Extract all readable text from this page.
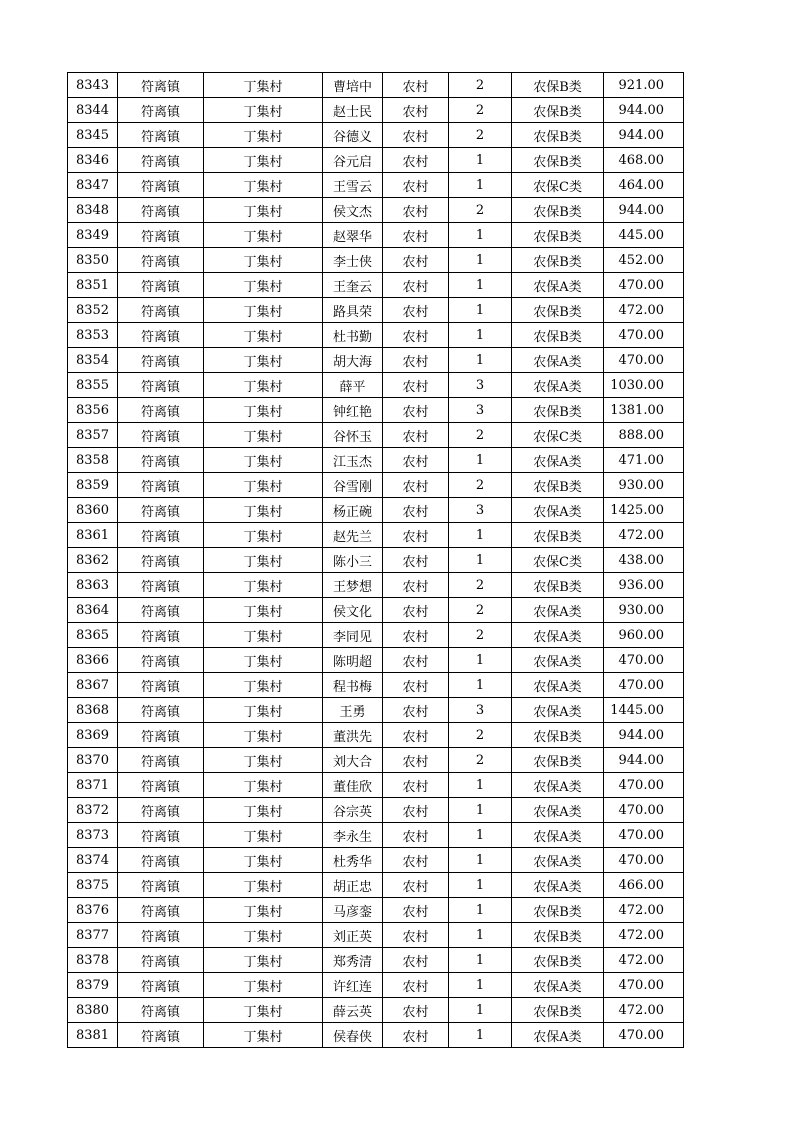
8343	符离镇	丁集村	曹培中	农村	2	农保B类	921.00
8344	符离镇	丁集村	赵士民	农村	2	农保B类	944.00
8345	符离镇	丁集村	谷德义	农村	2	农保B类	944.00
8346	符离镇	丁集村	谷元启	农村	1	农保B类	468.00
8347	符离镇	丁集村	王雪云	农村	1	农保C类	464.00
8348	符离镇	丁集村	侯文杰	农村	2	农保B类	944.00
8349	符离镇	丁集村	赵翠华	农村	1	农保B类	445.00
8350	符离镇	丁集村	李士侠	农村	1	农保B类	452.00
8351	符离镇	丁集村	王奎云	农村	1	农保A类	470.00
8352	符离镇	丁集村	路具荣	农村	1	农保B类	472.00
8353	符离镇	丁集村	杜书勤	农村	1	农保B类	470.00
8354	符离镇	丁集村	胡大海	农村	1	农保A类	470.00
8355	符离镇	丁集村	薛平	农村	3	农保A类	1030.00
8356	符离镇	丁集村	钟红艳	农村	3	农保B类	1381.00
8357	符离镇	丁集村	谷怀玉	农村	2	农保C类	888.00
8358	符离镇	丁集村	江玉杰	农村	1	农保A类	471.00
8359	符离镇	丁集村	谷雪刚	农村	2	农保B类	930.00
8360	符离镇	丁集村	杨正碗	农村	3	农保A类	1425.00
8361	符离镇	丁集村	赵先兰	农村	1	农保B类	472.00
8362	符离镇	丁集村	陈小三	农村	1	农保C类	438.00
8363	符离镇	丁集村	王梦想	农村	2	农保B类	936.00
8364	符离镇	丁集村	侯文化	农村	2	农保A类	930.00
8365	符离镇	丁集村	李同见	农村	2	农保A类	960.00
8366	符离镇	丁集村	陈明超	农村	1	农保A类	470.00
8367	符离镇	丁集村	程书梅	农村	1	农保A类	470.00
8368	符离镇	丁集村	王勇	农村	3	农保A类	1445.00
8369	符离镇	丁集村	董洪先	农村	2	农保B类	944.00
8370	符离镇	丁集村	刘大合	农村	2	农保B类	944.00
8371	符离镇	丁集村	董佳欣	农村	1	农保A类	470.00
8372	符离镇	丁集村	谷宗英	农村	1	农保A类	470.00
8373	符离镇	丁集村	李永生	农村	1	农保A类	470.00
8374	符离镇	丁集村	杜秀华	农村	1	农保A类	470.00
8375	符离镇	丁集村	胡正忠	农村	1	农保A类	466.00
8376	符离镇	丁集村	马彦銮	农村	1	农保B类	472.00
8377	符离镇	丁集村	刘正英	农村	1	农保B类	472.00
8378	符离镇	丁集村	郑秀清	农村	1	农保B类	472.00
8379	符离镇	丁集村	许红连	农村	1	农保A类	470.00
8380	符离镇	丁集村	薛云英	农村	1	农保B类	472.00
8381	符离镇	丁集村	侯春侠	农村	1	农保A类	470.00
